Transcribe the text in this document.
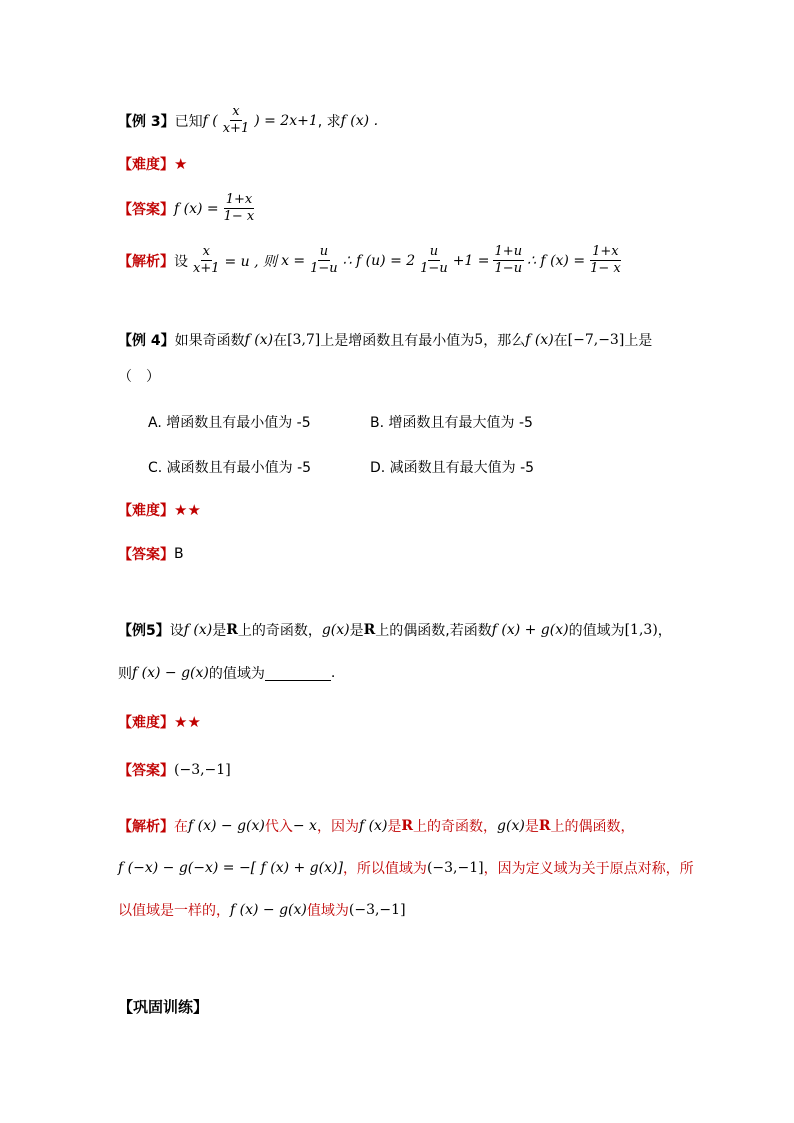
【例 3】 已知 f ( $\frac{x}{x+1}$ ) = 2x+1 , 求 f (x) .
【难度】 ★
【答案】 f $(x) = \frac{1+x}{1- x}$
【解析】 设 $\frac{x}{x+1} = u$ , 则 $x = \frac{u}{1-u}$ ∴ f $(u) = 2 \frac{u}{1-u} +1 = \frac{1+u}{1-u}$ ∴ f $(x) = \frac{1+x}{1- x}$
【例 4】 如果奇函数 f (x) 在 [3,7] 上是增函数且有最小值为 5 ，那么 f (x) 在 [−7,−3] 上是
（　）
A. 增函数且有最小值为 -5	B. 增函数且有最大值为 -5
C. 减函数且有最小值为 -5	D. 减函数且有最大值为 -5
【难度】 ★★
【答案】 B
【例5】 设 f (x) 是 R 上的奇函数， g(x) 是 R 上的偶函数,若函数 f (x) + g(x) 的值域为 [1,3) ，
则 f (x) − g(x) 的值域为	.
【难度】 ★★
【答案】 (−3,−1]
【解析】 在 f (x) − g(x) 代入 − x ，因为 f (x) 是 R 上的奇函数， g(x) 是 R 上的偶函数，
f (−x) − g(−x) = −[ f (x) + g(x)] ，所以值域为 (−3,−1] ，因为定义域为关于原点对称，所
以值域是一样的， f (x) − g(x) 值域为 (−3,−1]
【巩固训练】
